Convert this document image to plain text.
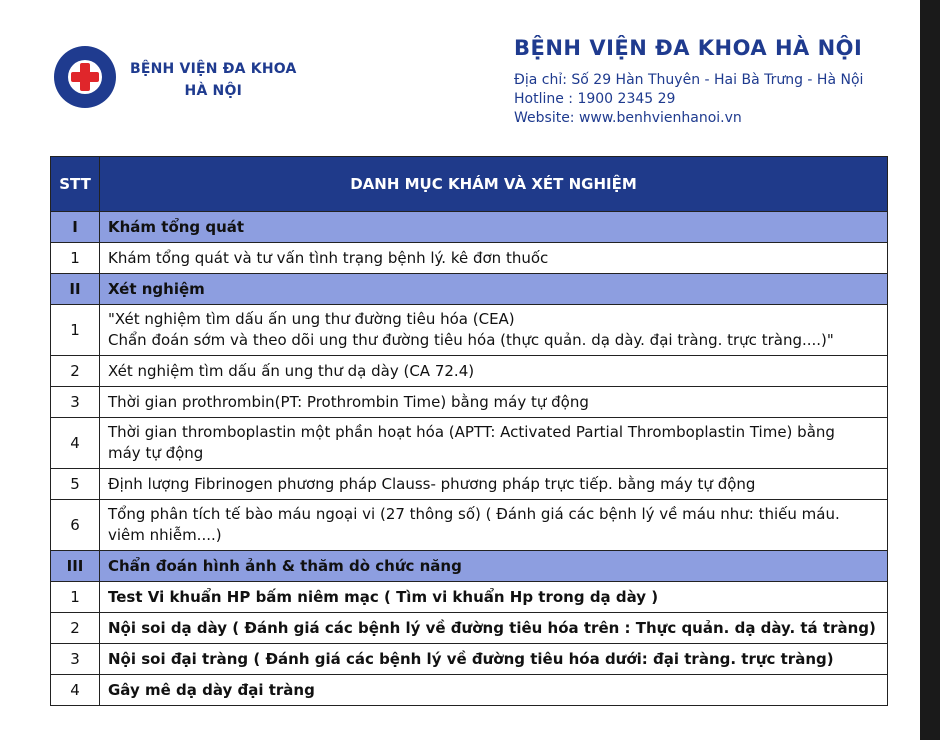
BỆNH VIỆN ĐA KHOA
HÀ NỘI
BỆNH VIỆN ĐA KHOA HÀ NỘI
Địa chỉ: Số 29 Hàn Thuyên - Hai Bà Trưng - Hà Nội
Hotline : 1900 2345 29
Website: www.benhvienhanoi.vn
STT	DANH MỤC KHÁM VÀ XÉT NGHIỆM
I	Khám tổng quát
1	Khám tổng quát và tư vấn tình trạng bệnh lý. kê đơn thuốc

II	Xét nghiệm
1	"Xét nghiệm tìm dấu ấn ung thư đường tiêu hóa (CEA)
Chẩn đoán sớm và theo dõi ung thư đường tiêu hóa (thực quản. dạ dày. đại tràng. trực tràng....)"

2	Xét nghiệm tìm dấu ấn ung thư dạ dày (CA 72.4)

3	Thời gian prothrombin(PT: Prothrombin Time) bằng máy tự động

4	Thời gian thromboplastin một phần hoạt hóa (APTT: Activated Partial Thromboplastin Time) bằng
máy tự động

5	Định lượng Fibrinogen phương pháp Clauss- phương pháp trực tiếp. bằng máy tự động

6	Tổng phân tích tế bào máu ngoại vi (27 thông số) ( Đánh giá các bệnh lý về máu như: thiếu máu.
viêm nhiễm....)

III	Chẩn đoán hình ảnh & thăm dò chức năng
1	Test Vi khuẩn HP bấm niêm mạc ( Tìm vi khuẩn Hp trong dạ dày )

2	Nội soi dạ dày ( Đánh giá các bệnh lý về đường tiêu hóa trên : Thực quản. dạ dày. tá tràng)

3	Nội soi đại tràng ( Đánh giá các bệnh lý về đường tiêu hóa dưới: đại tràng. trực tràng)

4	Gây mê dạ dày đại tràng
